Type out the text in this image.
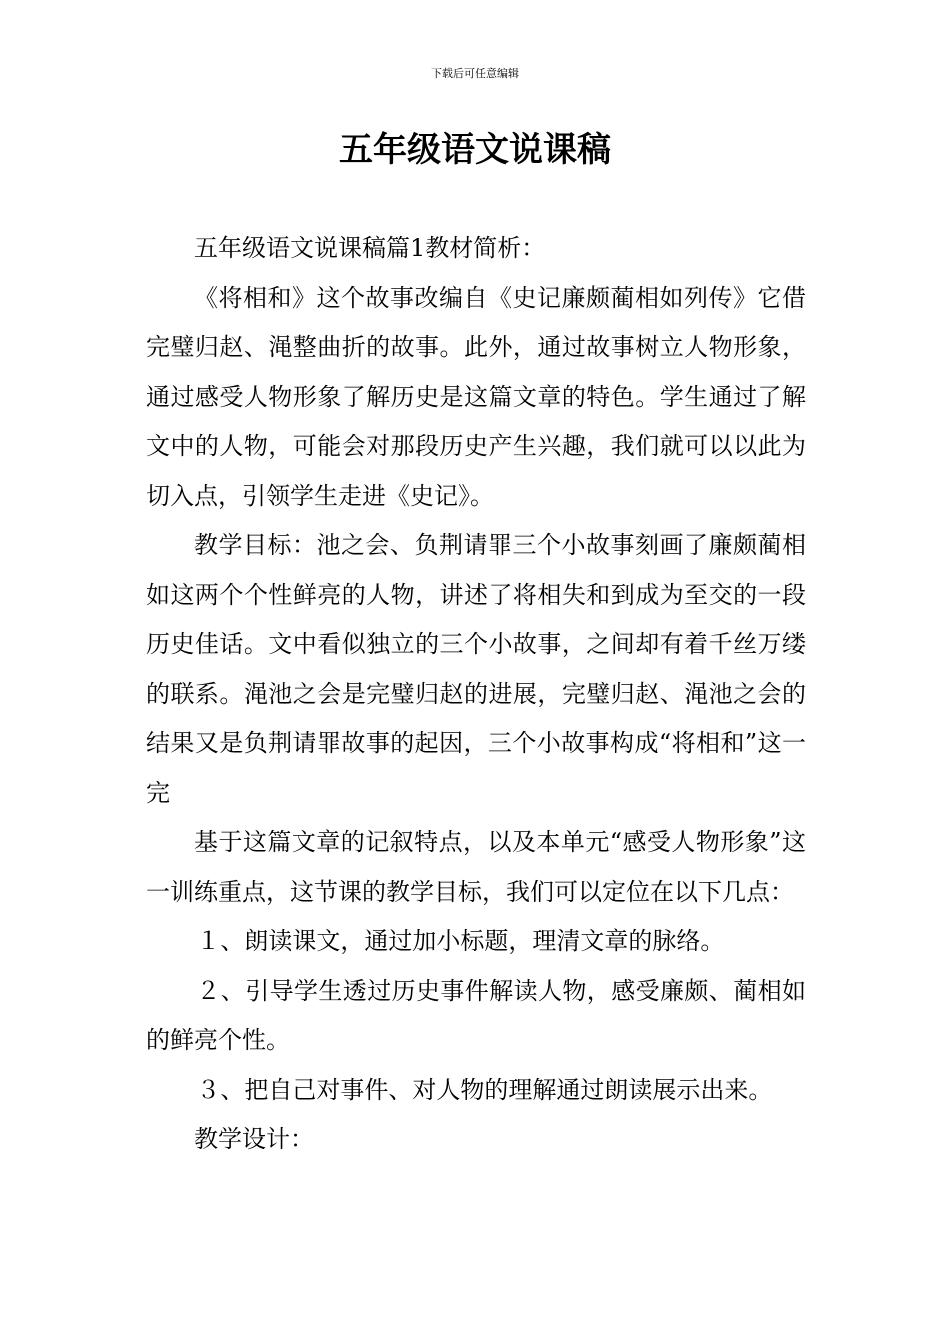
下载后可任意编辑
五年级语文说课稿

五年级语文说课稿篇1教材简析：

《将相和》这个故事改编自《史记廉颇蔺相如列传》它借完璧归赵、渑整曲折的故事。此外，通过故事树立人物形象，通过感受人物形象了解历史是这篇文章的特色。学生通过了解文中的人物，可能会对那段历史产生兴趣，我们就可以以此为切入点，引领学生走进《史记》。

教学目标：池之会、负荆请罪三个小故事刻画了廉颇蔺相如这两个个性鲜亮的人物，讲述了将相失和到成为至交的一段历史佳话。文中看似独立的三个小故事，之间却有着千丝万缕的联系。渑池之会是完璧归赵的进展，完璧归赵、渑池之会的结果又是负荆请罪故事的起因，三个小故事构成“将相和”这一完

基于这篇文章的记叙特点，以及本单元“感受人物形象”这一训练重点，这节课的教学目标，我们可以定位在以下几点：

１、朗读课文，通过加小标题，理清文章的脉络。

２、引导学生透过历史事件解读人物，感受廉颇、蔺相如的鲜亮个性。

３、把自己对事件、对人物的理解通过朗读展示出来。

教学设计：
